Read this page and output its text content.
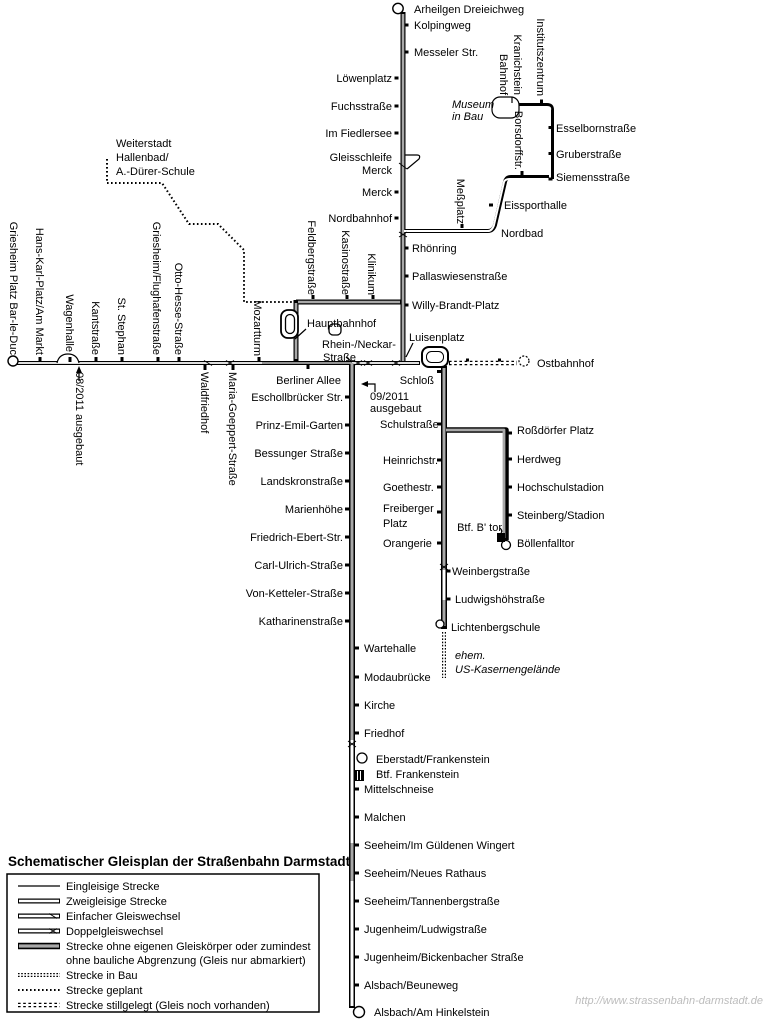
Arheilgen Dreieichweg
Kolpingweg
Messeler Str.
Löwenplatz
Fuchsstraße
Im Fiedlersee
Gleisschleife
Merck
Merck
Nordbahnhof
Rhönring
Pallaswiesenstraße
Willy-Brandt-Platz
Nordbad
Eissporthalle
Siemensstraße
Gruberstraße
Esselbornstraße
Museum
in Bau
Hauptbahnhof
Rhein-/Neckar-
Straße
Luisenplatz
Schloß
Ostbahnhof
Berliner Allee
Eschollbrücker Str.
Prinz-Emil-Garten
Bessunger Straße
Landskronstraße
Marienhöhe
Friedrich-Ebert-Str.
Carl-Ulrich-Straße
Von-Ketteler-Straße
Katharinenstraße
Schulstraße
Heinrichstr.
Goethestr.
Freiberger
Platz
Orangerie
Roßdörfer Platz
Herdweg
Hochschulstadion
Steinberg/Stadion
Btf. B' tor
Böllenfalltor
Weinbergstraße
Ludwigshöhstraße
Lichtenbergschule
ehem.
US-Kasernengelände
Wartehalle
Modaubrücke
Kirche
Friedhof
Eberstadt/Frankenstein
Btf. Frankenstein
Mittelschneise
Malchen
Seeheim/Im Güldenen Wingert
Seeheim/Neues Rathaus
Seeheim/Tannenbergstraße
Jugenheim/Ludwigstraße
Jugenheim/Bickenbacher Straße
Alsbach/Beuneweg
Alsbach/Am Hinkelstein
Weiterstadt
Hallenbad/
A.-Dürer-Schule
09/2011
ausgebaut
Griesheim Platz Bar-le-Duc Hans-Karl-Platz/Am Markt Wagenhalle Kantstraße St. Stephan Griesheim/Flughafenstraße Otto-Hesse-Straße
08/2011 ausgebaut	Waldfriedhof Maria-Goeppert-Straße
Mozartturm
Feldbergstraße Kasinostraße Klinikum
Meßplatz
Borsdorffstr.
Kranichstein
Bahnhof Institutszentrum
Schematischer Gleisplan der Straßenbahn Darmstadt
Eingleisige Strecke
Zweigleisige Strecke
Einfacher Gleiswechsel
Doppelgleiswechsel
Strecke ohne eigenen Gleiskörper oder zumindest
ohne bauliche Abgrenzung (Gleis nur abmarkiert)
Strecke in Bau
Strecke geplant
Strecke stillgelegt (Gleis noch vorhanden)	http://www.strassenbahn-darmstadt.de
